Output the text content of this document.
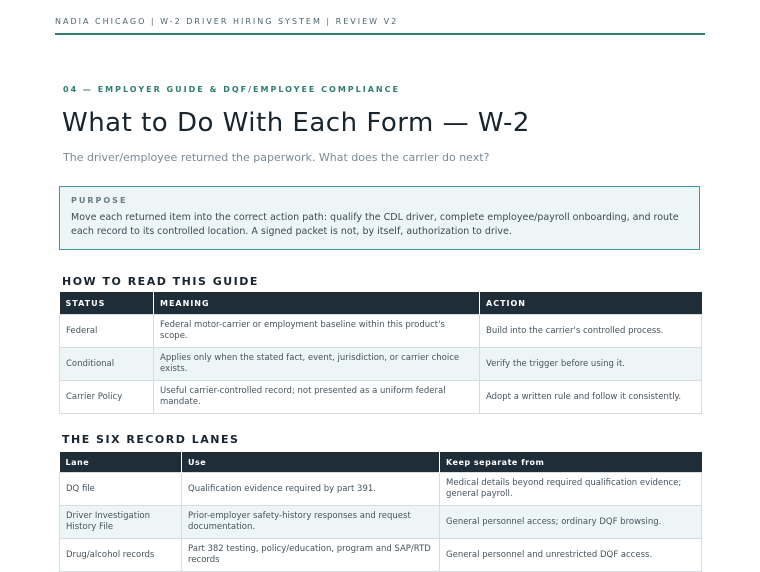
NADIA CHICAGO | W-2 DRIVER HIRING SYSTEM | REVIEW V2
04 — EMPLOYER GUIDE & DQF/EMPLOYEE COMPLIANCE
What to Do With Each Form — W-2
The driver/employee returned the paperwork. What does the carrier do next?
PURPOSE
Move each returned item into the correct action path: qualify the CDL driver, complete employee/payroll onboarding, and route each record to its controlled location. A signed packet is not, by itself, authorization to drive.
HOW TO READ THIS GUIDE
STATUS	MEANING	ACTION
Federal	Federal motor-carrier or employment baseline within this product's scope.	Build into the carrier's controlled process.
Conditional	Applies only when the stated fact, event, jurisdiction, or carrier choice exists.	Verify the trigger before using it.
Carrier Policy	Useful carrier-controlled record; not presented as a uniform federal mandate.	Adopt a written rule and follow it consistently.
THE SIX RECORD LANES
Lane	Use	Keep separate from
DQ file	Qualification evidence required by part 391.	Medical details beyond required qualification evidence; general payroll.
Driver Investigation History File	Prior-employer safety-history responses and request documentation.	General personnel access; ordinary DQF browsing.
Drug/alcohol records	Part 382 testing, policy/education, program and SAP/RTD records	General personnel and unrestricted DQF access.
